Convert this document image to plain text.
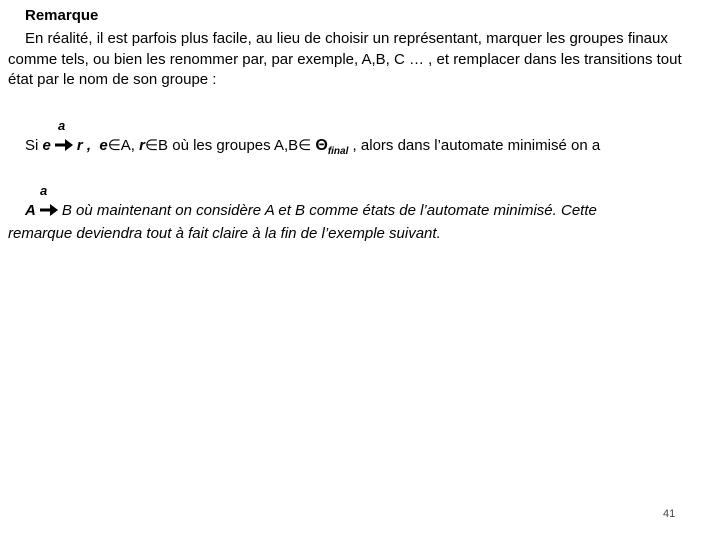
Remarque
En réalité, il est parfois plus facile, au lieu de choisir un représentant, marquer les groupes finaux comme tels, ou bien les renommer par, par exemple, A,B, C … , et remplacer dans les transitions tout état par le nom de son groupe :
a
Si e r , e∈A, r∈B où les groupes A,B∈ $\Theta_{final}$ , alors dans l’automate minimisé on a
a
A B où maintenant on considère A et B comme états de l’automate minimisé. Cette
remarque deviendra tout à fait claire à la fin de l’exemple suivant.
41
